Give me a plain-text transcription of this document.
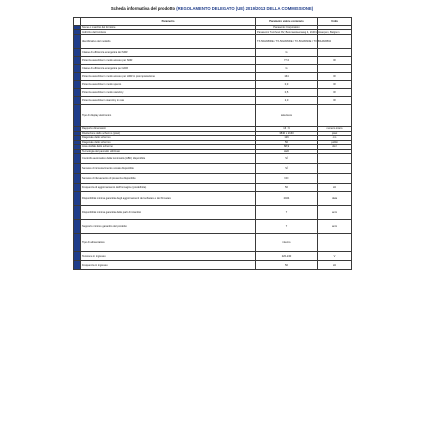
Scheda informativa del prodotto (REGOLAMENTO DELEGATO (UE) 2019/2013 DELLA COMMISSIONE)
	Parametro	Parametro valore contenuto	Unità
	Nome o marchio del fornitore	Panasonic Corporation	
	Indirizzo del fornitore	Panasonic Turnhout NV, Boomsesteenweg 4, 2100 Antwerpen, Belgium	
	Identificativo del modello	TX-50HX800E / TX-50HX830E / TX-50HX810E / TX-50HXW804	
	Classe di efficienza energetica del SDR	G	
	Potenza assorbita in modo acceso per SDR	77.0	W
	Classe di efficienza energetica per HDR	G	
	Potenza assorbita in modo acceso per HDR in preimpostazione	164	W
	Potenza assorbita in modo spento	0,3	W
	Potenza assorbita in modo stand-by	0,5	W
	Potenza assorbita in stand-by in rete	2,0	W
	Tipo di display elettronico	televisore	
	Rapporto dimensioni	16 : 9	numero intero
	Risoluzione dello schermo (pixel)	3840 x 2160	pixel
	Diagonale dello schermo	126	cm
	Diagonale dello schermo	50	pollici
	Area visibile dello schermo	68,9	dm²
	Tecnologia del pannello utilizzato	LED	
	Controllo automatico della luminosità (ABC) disponibile	SÌ	
	Sensore di riconoscimento vocale disponibile	SÌ	
	Sensore di rilevamento di presenza disponibile	NO	
	Frequenza di aggiornamento dell'immagine (predefinita)	50	Hz
	Disponibilità minima garantita degli aggiornamenti del software e del firmware	2024	data
	Disponibilità minima garantita delle parti di ricambio	7	anni
	Supporto minimo garantito del prodotto	7	anni
	Tipo di alimentatore	interno	
	Tensione in ingresso	220-240	V
	Frequenza in ingresso	50	Hz
